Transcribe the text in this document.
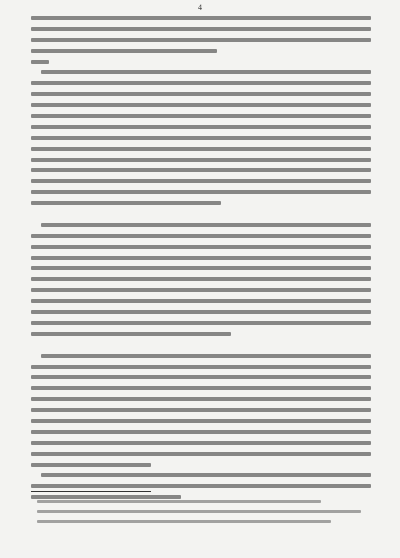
4
